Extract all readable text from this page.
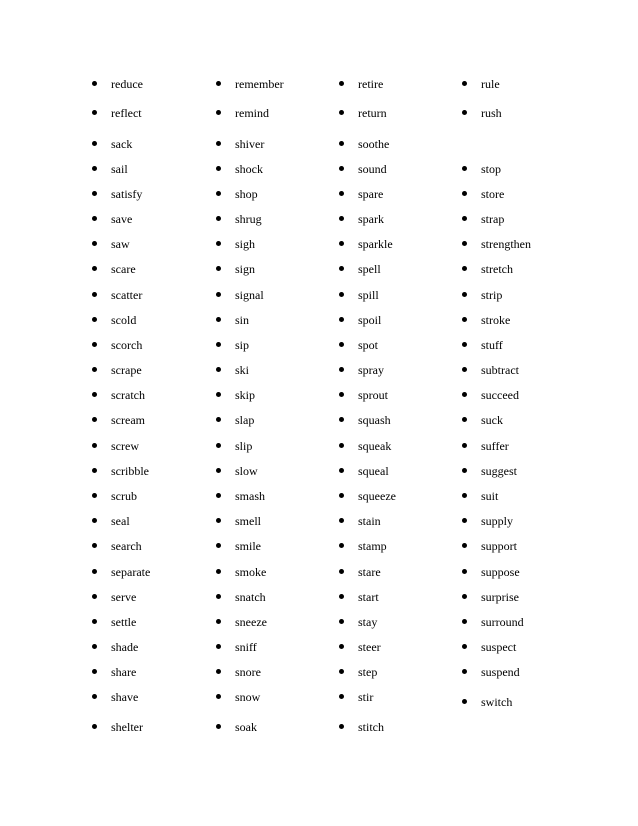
reduce
reflect
sack
sail
satisfy
save
saw
scare
scatter
scold
scorch
scrape
scratch
scream
screw
scribble
scrub
seal
search
separate
serve
settle
shade
share
shave
shelter
remember
remind
shiver
shock
shop
shrug
sigh
sign
signal
sin
sip
ski
skip
slap
slip
slow
smash
smell
smile
smoke
snatch
sneeze
sniff
snore
snow
soak
retire
return
soothe
sound
spare
spark
sparkle
spell
spill
spoil
spot
spray
sprout
squash
squeak
squeal
squeeze
stain
stamp
stare
start
stay
steer
step
stir
stitch
rule
rush
stop
store
strap
strengthen
stretch
strip
stroke
stuff
subtract
succeed
suck
suffer
suggest
suit
supply
support
suppose
surprise
surround
suspect
suspend
switch
